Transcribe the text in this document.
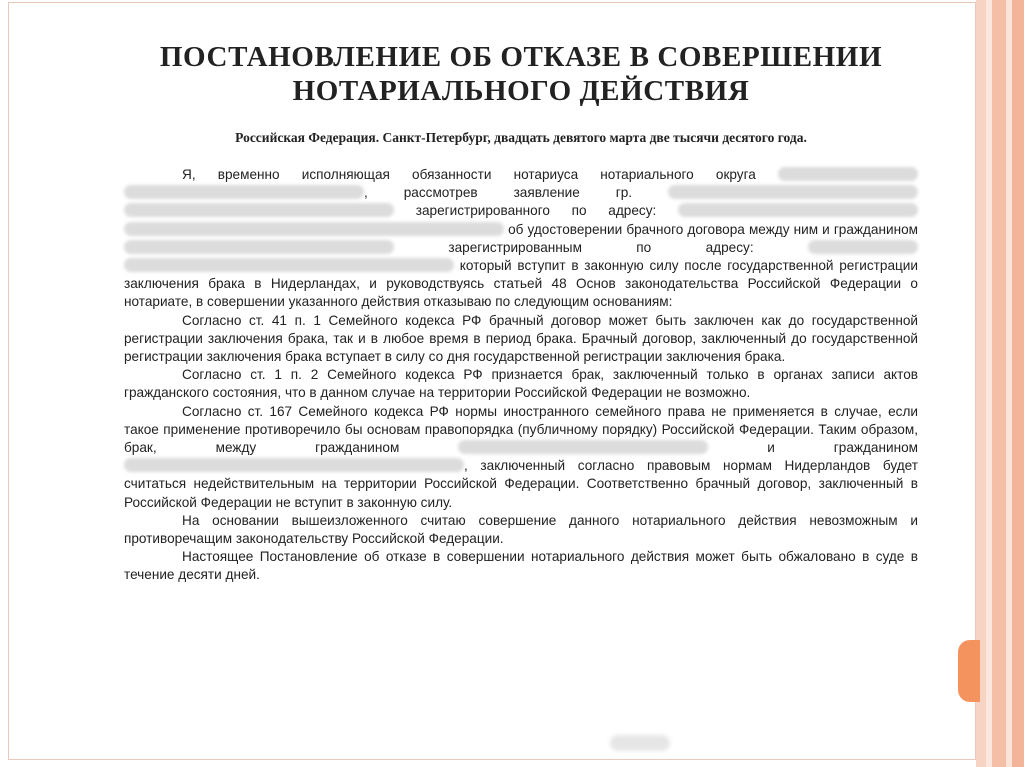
ПОСТАНОВЛЕНИЕ ОБ ОТКАЗЕ В СОВЕРШЕНИИ
НОТАРИАЛЬНОГО ДЕЙСТВИЯ
Российская Федерация. Санкт-Петербург, двадцать девятого марта две тысячи десятого года.

Я, временно исполняющая обязанности нотариуса нотариального округа  , рассмотрев заявление гр.   зарегистрированного по адресу:   об удостоверении брачного договора между ним и гражданином  зарегистрированным по адресу:   который вступит в законную силу после государственной регистрации заключения брака в Нидерландах, и руководствуясь статьей 48 Основ законодательства Российской Федерации о нотариате, в совершении указанного действия отказываю по следующим основаниям:

Согласно ст. 41 п. 1 Семейного кодекса РФ брачный договор может быть заключен как до государственной регистрации заключения брака, так и в любое время в период брака. Брачный договор, заключенный до государственной регистрации заключения брака вступает в силу со дня государственной регистрации заключения брака.

Согласно ст. 1 п. 2 Семейного кодекса РФ признается брак, заключенный только в органах записи актов гражданского состояния, что в данном случае на территории Российской Федерации не возможно.

Согласно ст. 167 Семейного кодекса РФ нормы иностранного семейного права не применяется в случае, если такое применение противоречило бы основам правопорядка (публичному порядку) Российской Федерации. Таким образом, брак, между гражданином	и гражданином , заключенный согласно правовым нормам Нидерландов будет считаться недействительным на территории Российской Федерации. Соответственно брачный договор, заключенный в Российской Федерации не вступит в законную силу.

На основании вышеизложенного считаю совершение данного нотариального действия невозможным и противоречащим законодательству Российской Федерации.

Настоящее Постановление об отказе в совершении нотариального действия может быть обжаловано в суде в течение десяти дней.
